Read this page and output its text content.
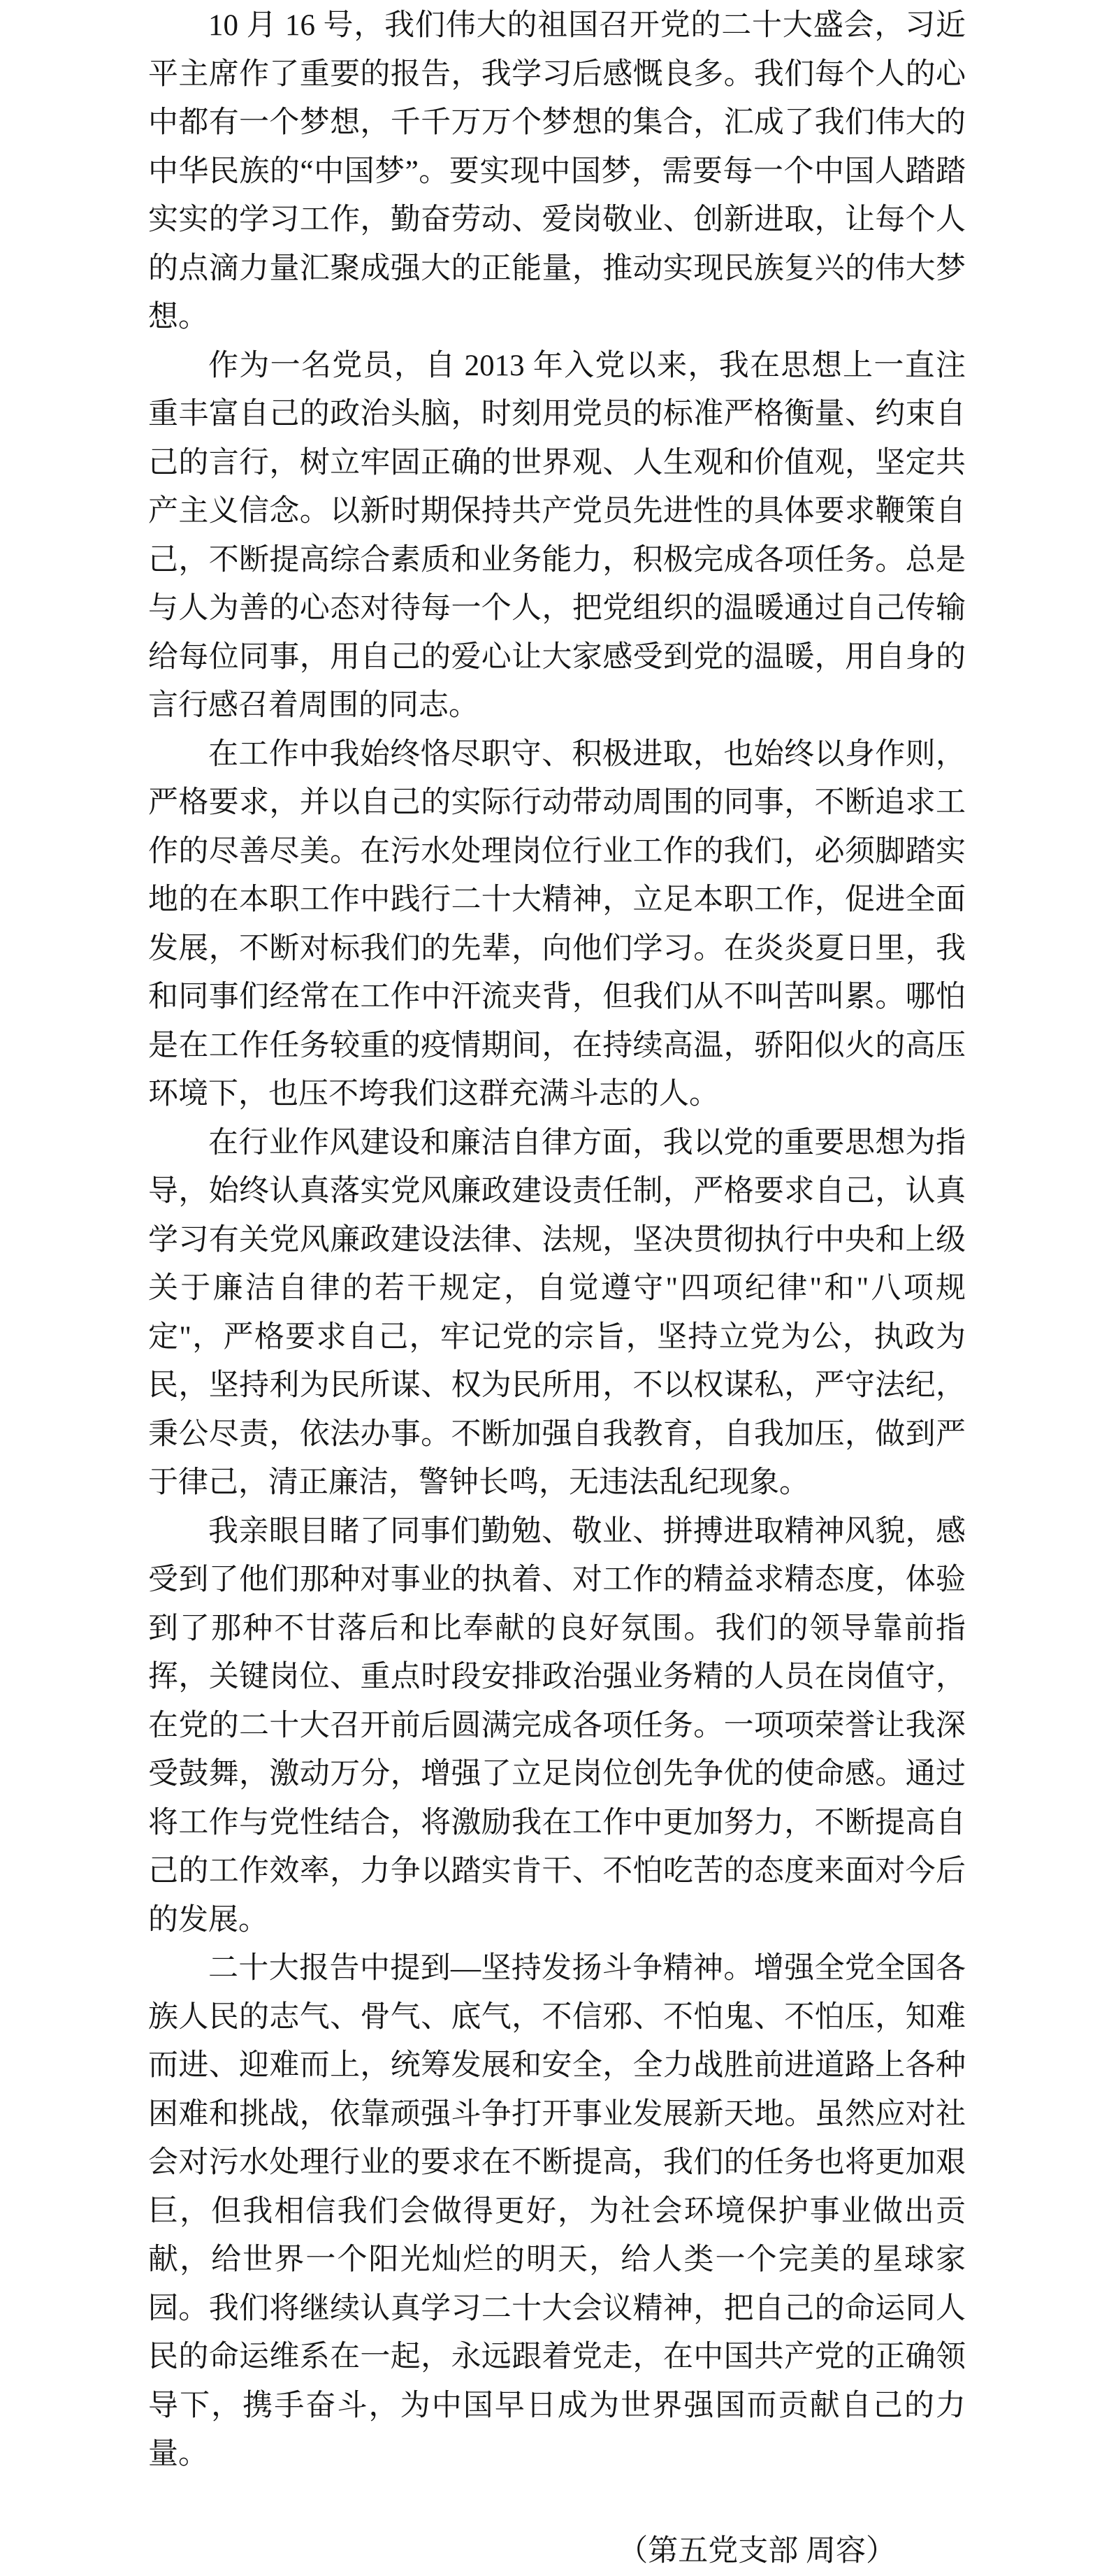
10 月 16 号，我们伟大的祖国召开党的二十大盛会，习近平主席作了重要的报告，我学习后感慨良多。我们每个人的心中都有一个梦想，千千万万个梦想的集合，汇成了我们伟大的中华民族的“中国梦”。要实现中国梦，需要每一个中国人踏踏实实的学习工作，勤奋劳动、爱岗敬业、创新进取，让每个人的点滴力量汇聚成强大的正能量，推动实现民族复兴的伟大梦想。

作为一名党员，自 2013 年入党以来，我在思想上一直注重丰富自己的政治头脑，时刻用党员的标准严格衡量、约束自己的言行，树立牢固正确的世界观、人生观和价值观，坚定共产主义信念。以新时期保持共产党员先进性的具体要求鞭策自己，不断提高综合素质和业务能力，积极完成各项任务。总是与人为善的心态对待每一个人，把党组织的温暖通过自己传输给每位同事，用自己的爱心让大家感受到党的温暖，用自身的言行感召着周围的同志。

在工作中我始终恪尽职守、积极进取，也始终以身作则，严格要求，并以自己的实际行动带动周围的同事，不断追求工作的尽善尽美。在污水处理岗位行业工作的我们，必须脚踏实地的在本职工作中践行二十大精神，立足本职工作，促进全面发展，不断对标我们的先辈，向他们学习。在炎炎夏日里，我和同事们经常在工作中汗流夹背，但我们从不叫苦叫累。哪怕是在工作任务较重的疫情期间，在持续高温，骄阳似火的高压环境下，也压不垮我们这群充满斗志的人。

在行业作风建设和廉洁自律方面，我以党的重要思想为指导，始终认真落实党风廉政建设责任制，严格要求自己，认真学习有关党风廉政建设法律、法规，坚决贯彻执行中央和上级关于廉洁自律的若干规定，自觉遵守"四项纪律"和"八项规定"，严格要求自己，牢记党的宗旨，坚持立党为公，执政为民，坚持利为民所谋、权为民所用，不以权谋私，严守法纪，秉公尽责，依法办事。不断加强自我教育，自我加压，做到严于律己，清正廉洁，警钟长鸣，无违法乱纪现象。

我亲眼目睹了同事们勤勉、敬业、拼搏进取精神风貌，感受到了他们那种对事业的执着、对工作的精益求精态度，体验到了那种不甘落后和比奉献的良好氛围。我们的领导靠前指挥，关键岗位、重点时段安排政治强业务精的人员在岗值守，在党的二十大召开前后圆满完成各项任务。一项项荣誉让我深受鼓舞，激动万分，增强了立足岗位创先争优的使命感。通过将工作与党性结合，将激励我在工作中更加努力，不断提高自己的工作效率，力争以踏实肯干、不怕吃苦的态度来面对今后的发展。

二十大报告中提到—坚持发扬斗争精神。增强全党全国各族人民的志气、骨气、底气，不信邪、不怕鬼、不怕压，知难而进、迎难而上，统筹发展和安全，全力战胜前进道路上各种困难和挑战，依靠顽强斗争打开事业发展新天地。虽然应对社会对污水处理行业的要求在不断提高，我们的任务也将更加艰巨，但我相信我们会做得更好，为社会环境保护事业做出贡献，给世界一个阳光灿烂的明天，给人类一个完美的星球家园。我们将继续认真学习二十大会议精神，把自己的命运同人民的命运维系在一起，永远跟着党走，在中国共产党的正确领导下，携手奋斗，为中国早日成为世界强国而贡献自己的力量。

（第五党支部 周容）
